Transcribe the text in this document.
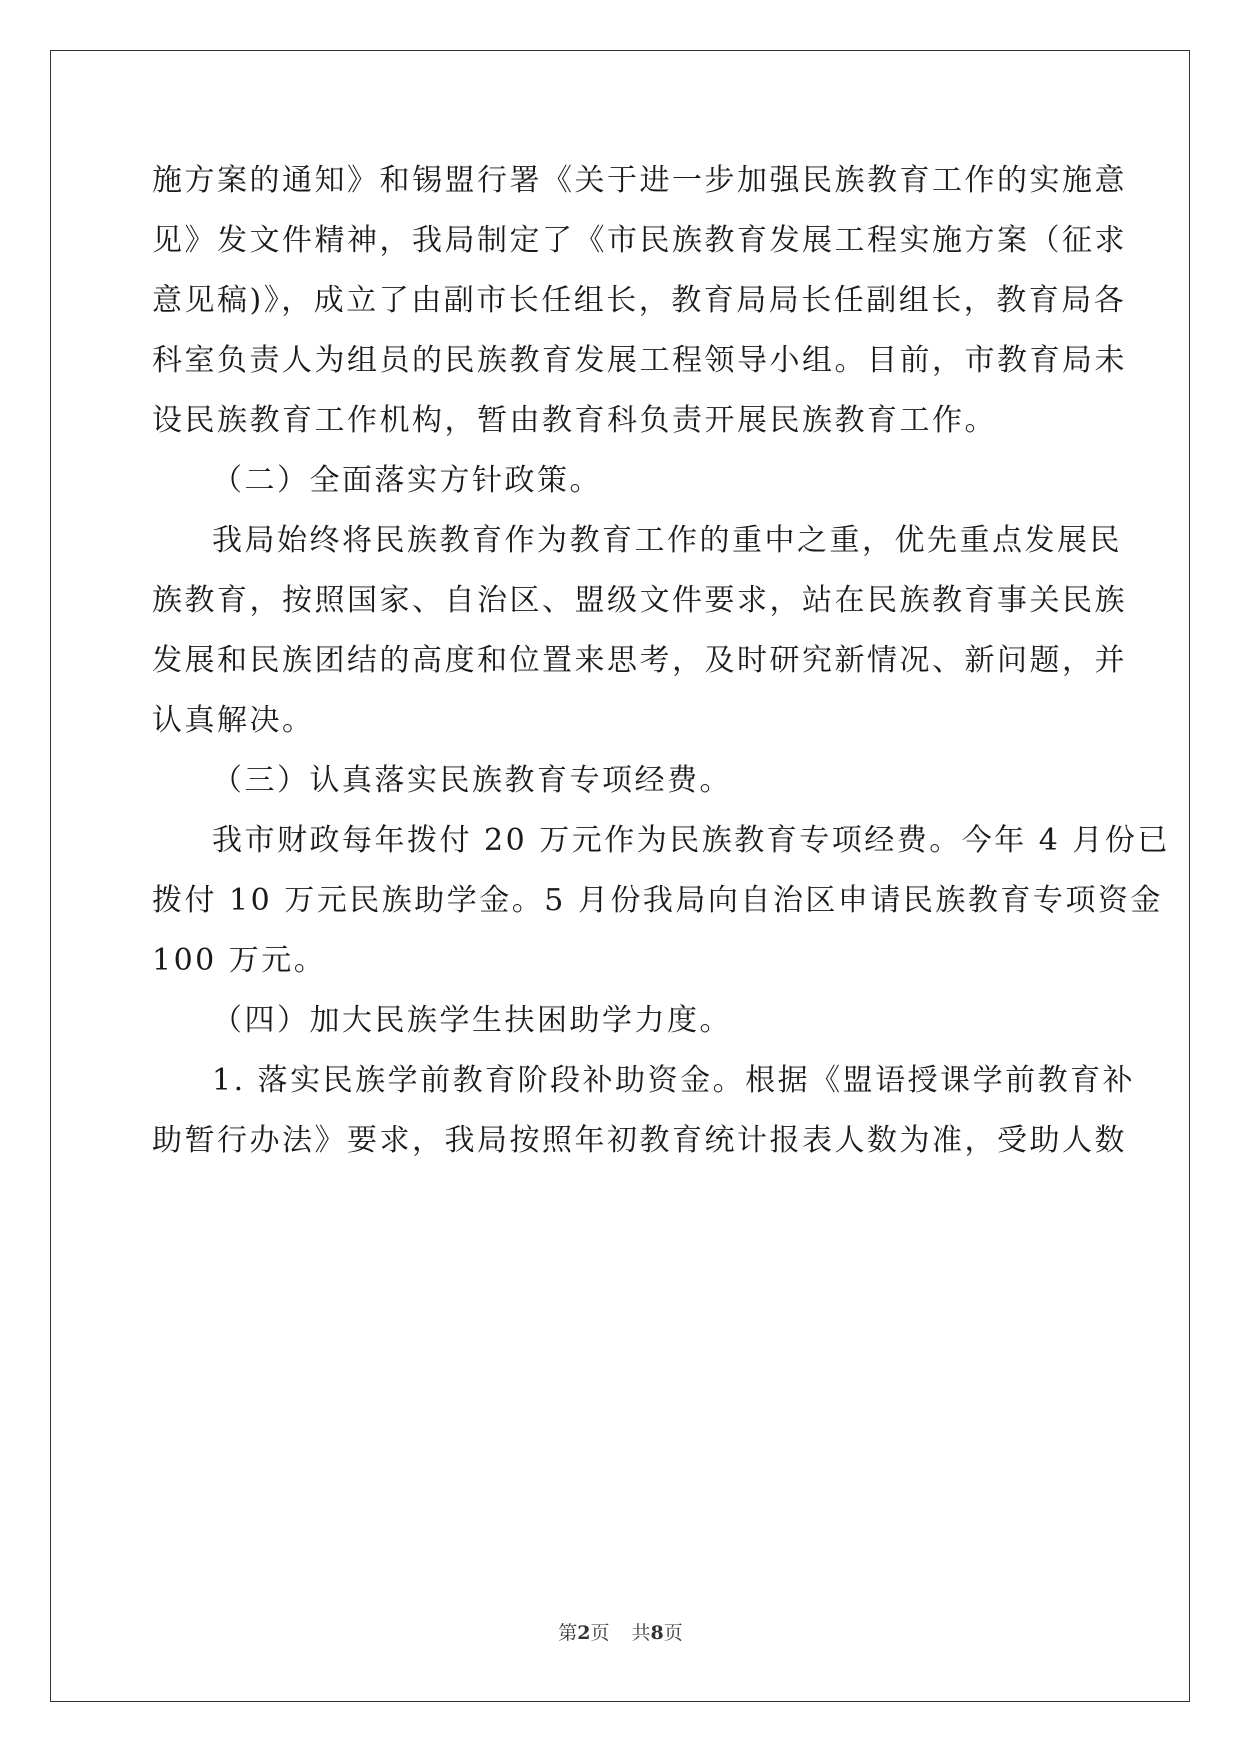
施方案的通知》和锡盟行署《关于进一步加强民族教育工作的实施意
见》发文件精神，我局制定了《市民族教育发展工程实施方案（征求
意见稿)》，成立了由副市长任组长，教育局局长任副组长，教育局各
科室负责人为组员的民族教育发展工程领导小组。目前，市教育局未
设民族教育工作机构，暂由教育科负责开展民族教育工作。
（二）全面落实方针政策。
我局始终将民族教育作为教育工作的重中之重，优先重点发展民
族教育，按照国家、自治区、盟级文件要求，站在民族教育事关民族
发展和民族团结的高度和位置来思考，及时研究新情况、新问题，并
认真解决。
（三）认真落实民族教育专项经费。
我市财政每年拨付 20 万元作为民族教育专项经费。今年 4 月份已
拨付 10 万元民族助学金。5 月份我局向自治区申请民族教育专项资金
100 万元。
（四）加大民族学生扶困助学力度。
1. 落实民族学前教育阶段补助资金。根据《盟语授课学前教育补
助暂行办法》要求，我局按照年初教育统计报表人数为准，受助人数
第2页 共8页
